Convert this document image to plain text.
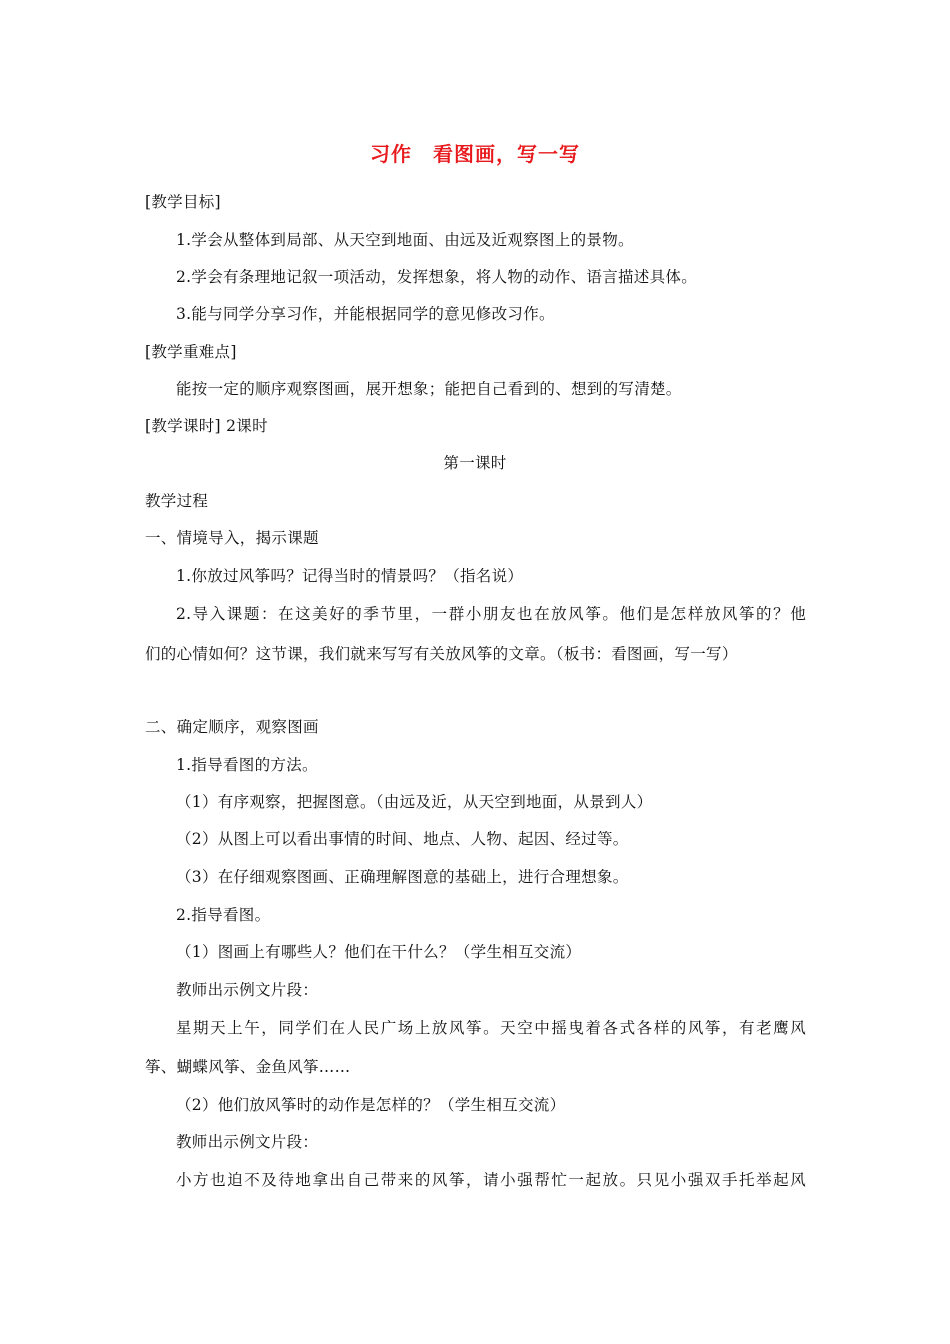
习作　看图画，写一写
[教学目标]
1.学会从整体到局部、从天空到地面、由远及近观察图上的景物。
2.学会有条理地记叙一项活动，发挥想象，将人物的动作、语言描述具体。
3.能与同学分享习作，并能根据同学的意见修改习作。
[教学重难点]
能按一定的顺序观察图画，展开想象；能把自己看到的、想到的写清楚。
[教学课时] 2课时
第一课时
教学过程
一、情境导入，揭示课题
1.你放过风筝吗？记得当时的情景吗？（指名说）
2.导入课题：在这美好的季节里，一群小朋友也在放风筝。他们是怎样放风筝的？他
们的心情如何？这节课，我们就来写写有关放风筝的文章。（板书：看图画，写一写）
二、确定顺序，观察图画
1.指导看图的方法。
（1）有序观察，把握图意。（由远及近，从天空到地面，从景到人）
（2）从图上可以看出事情的时间、地点、人物、起因、经过等。
（3）在仔细观察图画、正确理解图意的基础上，进行合理想象。
2.指导看图。
（1）图画上有哪些人？他们在干什么？（学生相互交流）
教师出示例文片段：
星期天上午，同学们在人民广场上放风筝。天空中摇曳着各式各样的风筝，有老鹰风
筝、蝴蝶风筝、金鱼风筝……
（2）他们放风筝时的动作是怎样的？（学生相互交流）
教师出示例文片段：
小方也迫不及待地拿出自己带来的风筝，请小强帮忙一起放。只见小强双手托举起风
